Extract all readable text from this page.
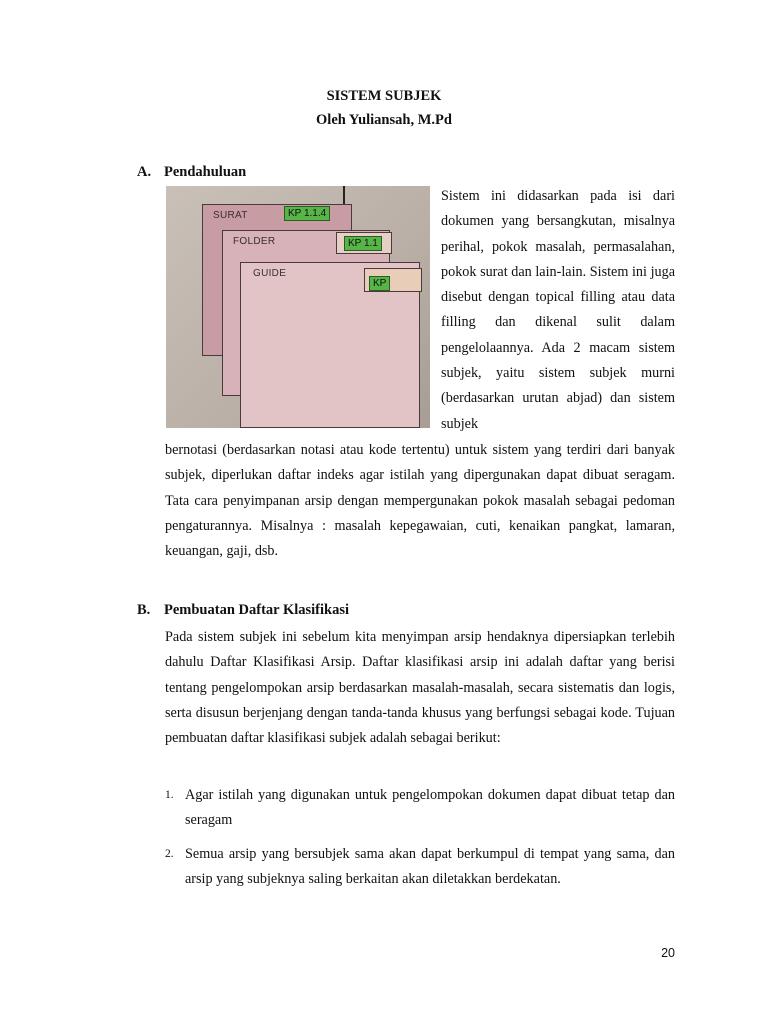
SISTEM SUBJEK
Oleh Yuliansah, M.Pd
A. Pendahuluan
SURAT	KP 1.1.4
FOLDER	KP 1.1
GUIDE
KP

Sistem ini didasarkan pada isi dari dokumen yang bersangkutan, misalnya perihal, pokok masalah, permasalahan, pokok surat dan lain-lain. Sistem ini juga disebut dengan topical filling atau data filling dan dikenal sulit dalam pengelolaannya. Ada 2 macam sistem subjek, yaitu sistem subjek murni (berdasarkan urutan abjad) dan sistem subjek

bernotasi (berdasarkan notasi atau kode tertentu) untuk sistem yang terdiri dari banyak subjek, diperlukan daftar indeks agar istilah yang dipergunakan dapat dibuat seragam. Tata cara penyimpanan arsip dengan mempergunakan pokok masalah sebagai pedoman pengaturannya. Misalnya : masalah kepegawaian, cuti, kenaikan pangkat, lamaran, keuangan, gaji, dsb.

B. Pembuatan Daftar Klasifikasi

Pada sistem subjek ini sebelum kita menyimpan arsip hendaknya dipersiapkan terlebih dahulu Daftar Klasifikasi Arsip. Daftar klasifikasi arsip ini adalah daftar yang berisi tentang pengelompokan arsip berdasarkan masalah-masalah, secara sistematis dan logis, serta disusun berjenjang dengan tanda-tanda khusus yang berfungsi sebagai kode. Tujuan pembuatan daftar klasifikasi subjek adalah sebagai berikut:

1. Agar istilah yang digunakan untuk pengelompokan dokumen dapat dibuat tetap dan seragam
2. Semua arsip yang bersubjek sama akan dapat berkumpul di tempat yang sama, dan arsip yang subjeknya saling berkaitan akan diletakkan berdekatan.
20
